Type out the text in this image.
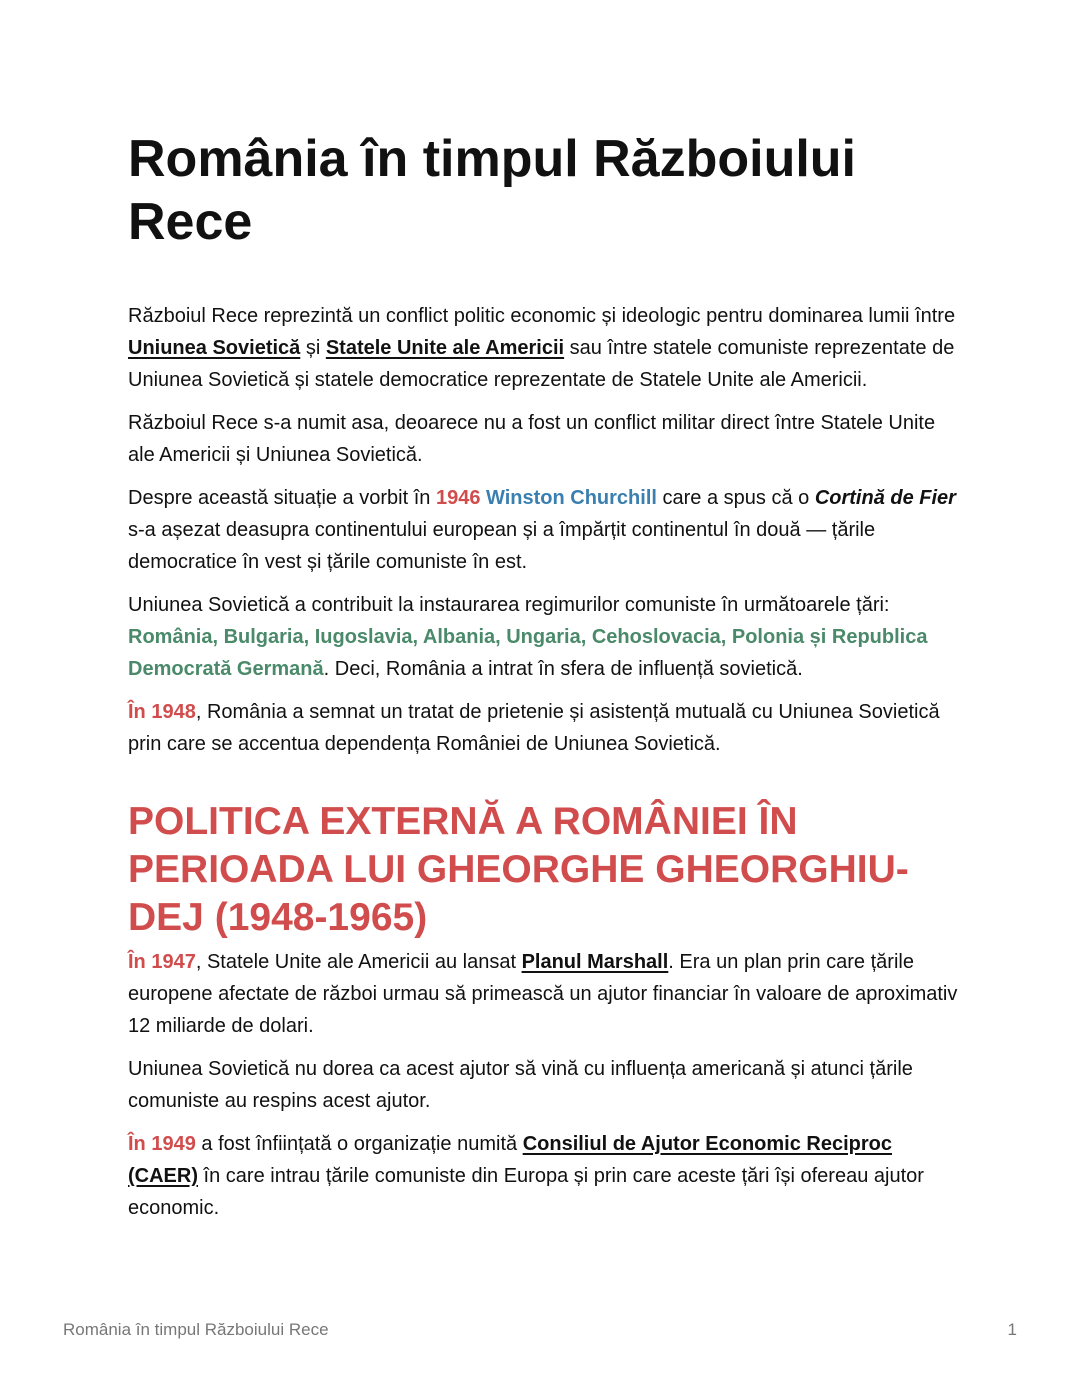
România în timpul Războiului Rece

Războiul Rece reprezintă un conflict politic economic și ideologic pentru dominarea lumii între Uniunea Sovietică și Statele Unite ale Americii sau între statele comuniste reprezentate de Uniunea Sovietică și statele democratice reprezentate de Statele Unite ale Americii.

Războiul Rece s-a numit asa, deoarece nu a fost un conflict militar direct între Statele Unite ale Americii și Uniunea Sovietică.

Despre această situație a vorbit în 1946 Winston Churchill care a spus că o Cortină de Fier s-a așezat deasupra continentului european și a împărțit continentul în două — țările democratice în vest și țările comuniste în est.

Uniunea Sovietică a contribuit la instaurarea regimurilor comuniste în următoarele țări: România, Bulgaria, Iugoslavia, Albania, Ungaria, Cehoslovacia, Polonia și Republica Democrată Germană. Deci, România a intrat în sfera de influență sovietică.

În 1948, România a semnat un tratat de prietenie și asistență mutuală cu Uniunea Sovietică prin care se accentua dependența României de Uniunea Sovietică.

POLITICA EXTERNĂ A ROMÂNIEI ÎN PERIOADA LUI GHEORGHE GHEORGHIU-DEJ (1948-1965)

În 1947, Statele Unite ale Americii au lansat Planul Marshall. Era un plan prin care țările europene afectate de război urmau să primească un ajutor financiar în valoare de aproximativ 12 miliarde de dolari.

Uniunea Sovietică nu dorea ca acest ajutor să vină cu influența americană și atunci țările comuniste au respins acest ajutor.

În 1949 a fost înființată o organizație numită Consiliul de Ajutor Economic Reciproc (CAER) în care intrau țările comuniste din Europa și prin care aceste țări își ofereau ajutor economic.

România în timpul Războiului Rece	1
